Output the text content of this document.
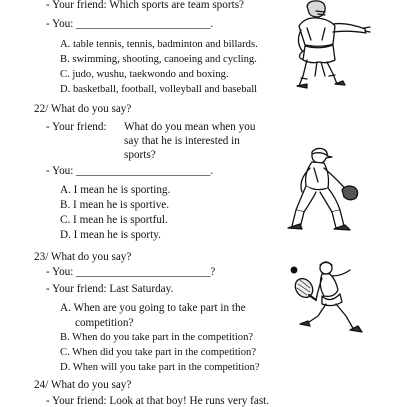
- Your friend: Which sports are team sports?
- You: ________________________.
A. table tennis, tennis, badminton and billards.
B. swimming, shooting, canoeing and cycling.
C. judo, wushu, taekwondo and boxing.
D. basketball, football, volleyball and baseball
22/ What do you say?
- Your friend: What do you mean when you
say that he is interested in
sports?
- You: ________________________.
A. I mean he is sporting.
B. I mean he is sportive.
C. I mean he is sportful.
D. I mean he is sporty.
23/ What do you say?
- You: ________________________?
- Your friend: Last Saturday.
A. When are you going to take part in the
competition?
B. When do you take part in the competition?
C. When did you take part in the competition?
D. When will you take part in the competition?
24/ What do you say?
- Your friend: Look at that boy! He runs very fast.
